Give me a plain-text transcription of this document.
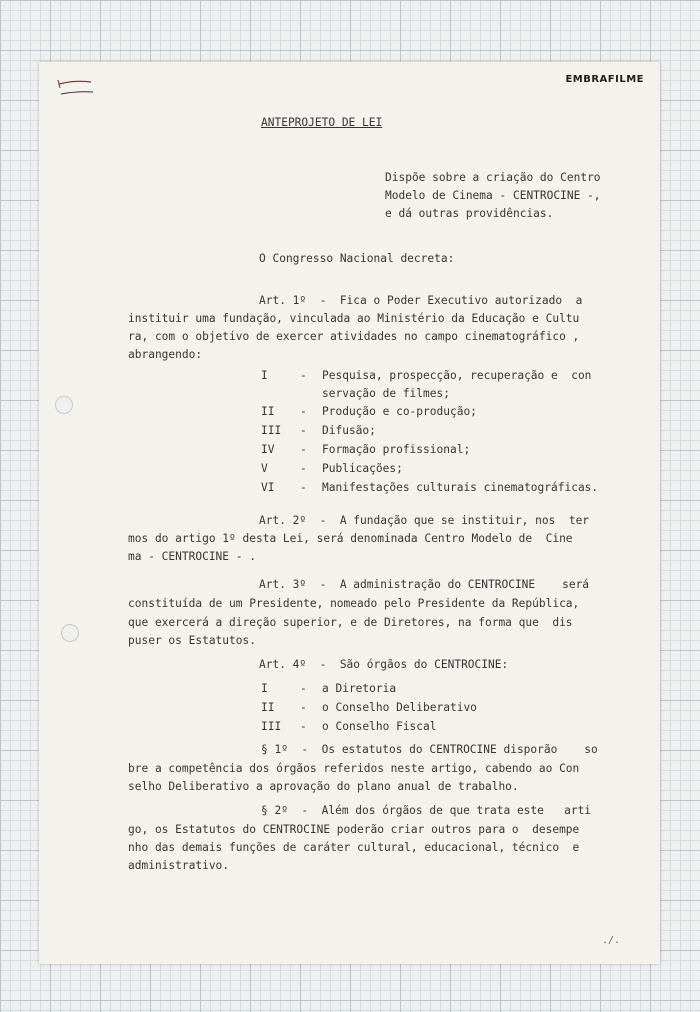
EMBRAFILME
ANTEPROJETO DE LEI
Dispõe sobre a criação do Centro
Modelo de Cinema - CENTROCINE -,
e dá outras providências.
O Congresso Nacional decreta:
Art. 1º  -  Fica o Poder Executivo autorizado  a
instituir uma fundação, vinculada ao Ministério da Educação e Cultu
ra, com o objetivo de exercer atividades no campo cinematográfico ,
abrangendo:
I	- Pesquisa, prospecção, recuperação e  con
servação de filmes;
II - Produção e co-produção;
III - Difusão;
IV - Formação profissional;
V	- Publicações;
VI - Manifestações culturais cinematográficas.
Art. 2º  -  A fundação que se instituir, nos  ter
mos do artigo 1º desta Lei, será denominada Centro Modelo de  Cine
ma - CENTROCINE - .
Art. 3º  -  A administração do CENTROCINE    será
constituída de um Presidente, nomeado pelo Presidente da República,
que exercerá a direção superior, e de Diretores, na forma que  dis
puser os Estatutos.
Art. 4º  -  São órgãos do CENTROCINE:
I	- a Diretoria
II - o Conselho Deliberativo
III - o Conselho Fiscal
§ 1º  -  Os estatutos do CENTROCINE disporão    so
bre a competência dos órgãos referidos neste artigo, cabendo ao Con
selho Deliberativo a aprovação do plano anual de trabalho.
§ 2º  -  Além dos órgãos de que trata este   arti
go, os Estatutos do CENTROCINE poderão criar outros para o  desempe
nho das demais funções de caráter cultural, educacional, técnico  e
administrativo.
./.
